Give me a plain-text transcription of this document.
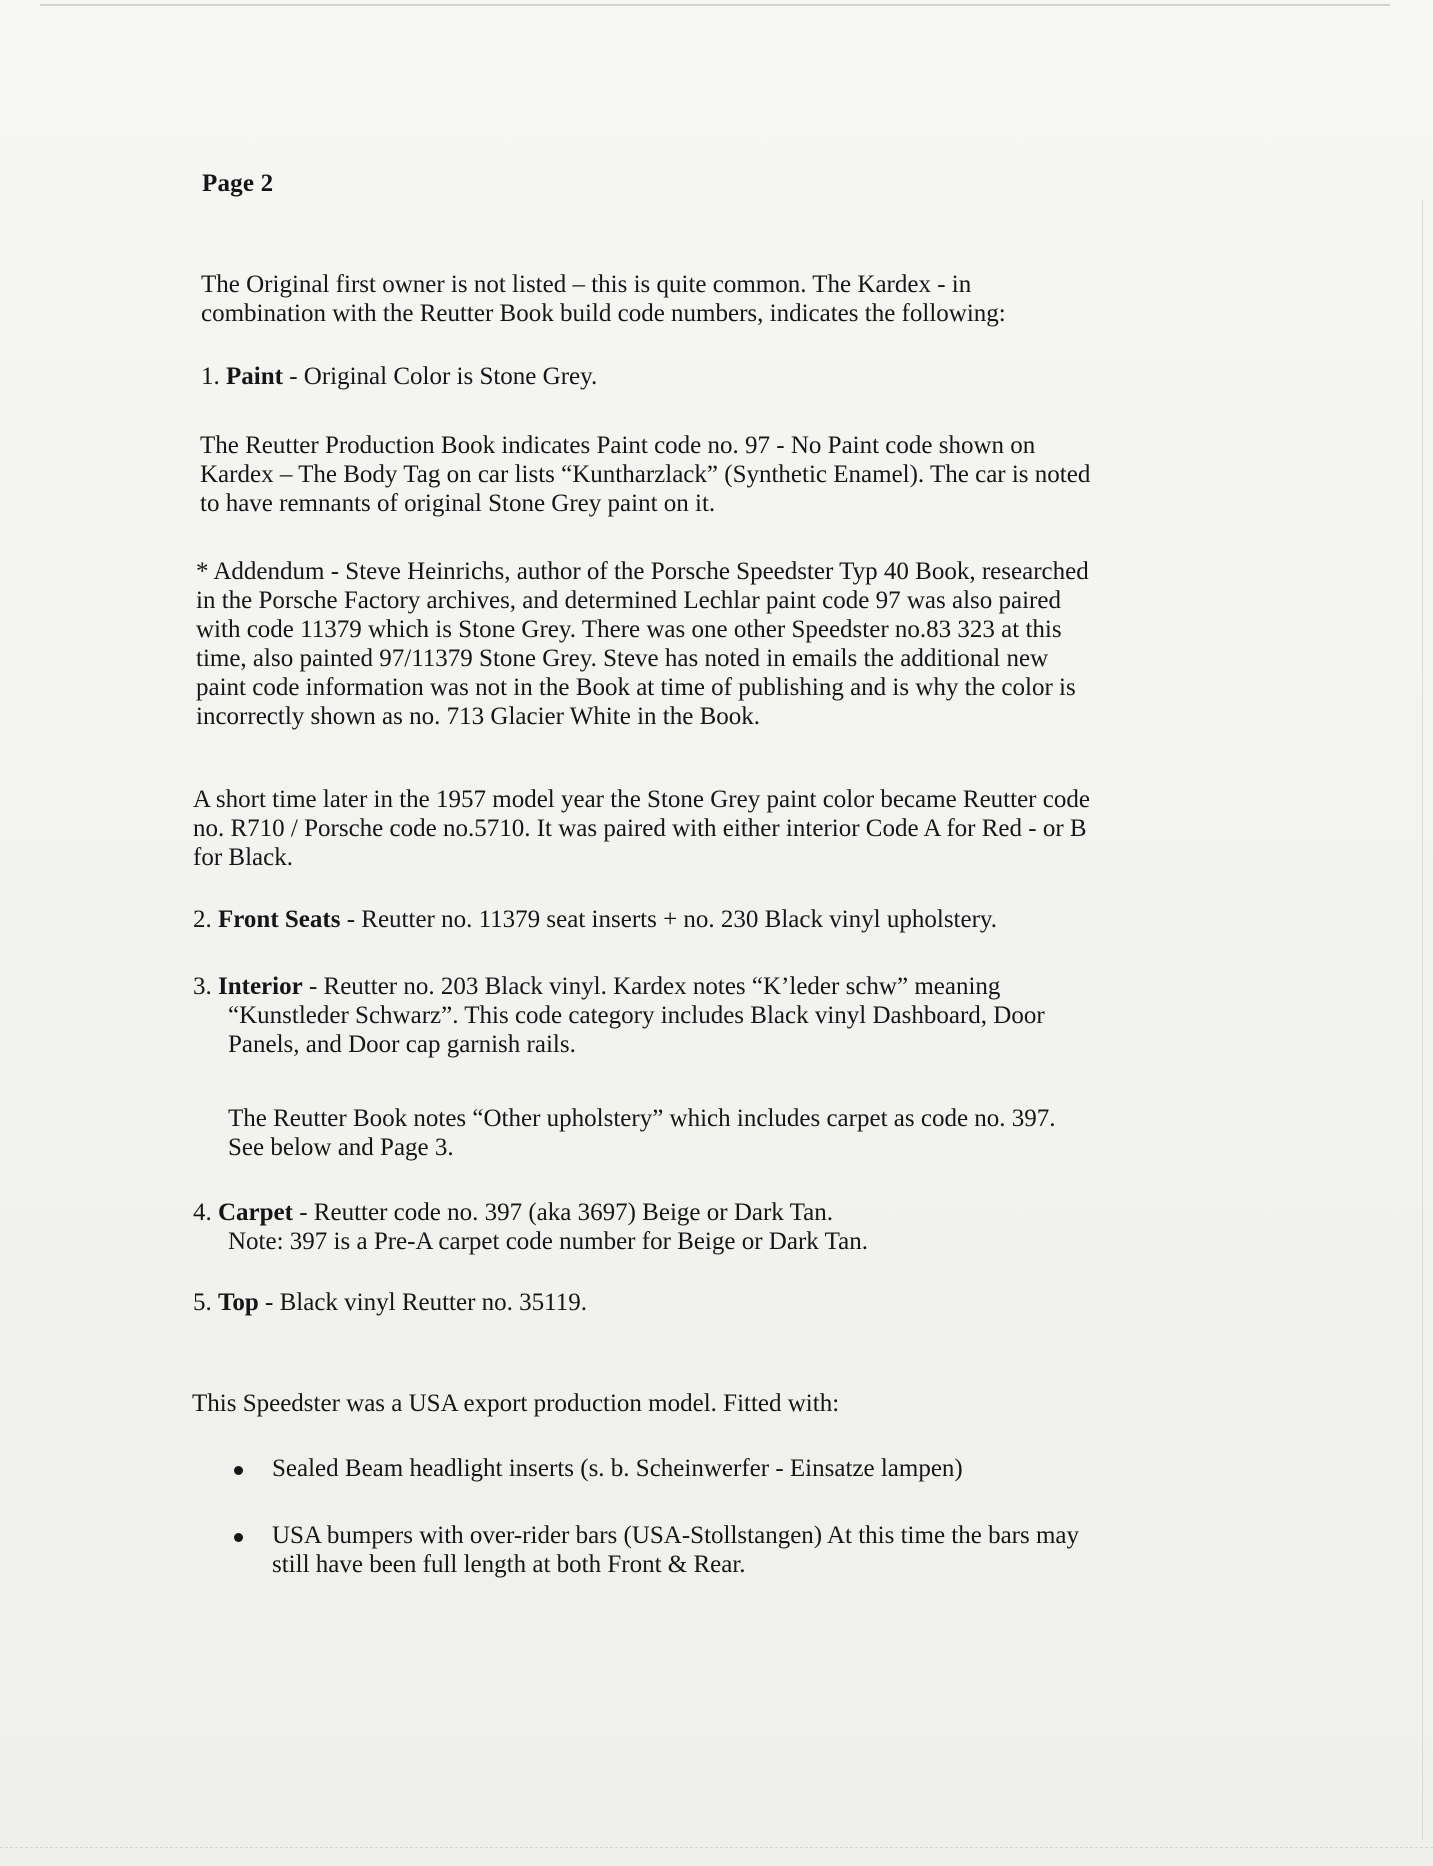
Page 2
The Original first owner is not listed – this is quite common. The Kardex - in
combination with the Reutter Book build code numbers, indicates the following:
1. Paint - Original Color is Stone Grey.
The Reutter Production Book indicates Paint code no. 97 - No Paint code shown on
Kardex – The Body Tag on car lists “Kuntharzlack” (Synthetic Enamel). The car is noted
to have remnants of original Stone Grey paint on it.
* Addendum - Steve Heinrichs, author of the Porsche Speedster Typ 40 Book, researched
in the Porsche Factory archives, and determined Lechlar paint code 97 was also paired
with code 11379 which is Stone Grey. There was one other Speedster no.83 323 at this
time, also painted 97/11379 Stone Grey. Steve has noted in emails the additional new
paint code information was not in the Book at time of publishing and is why the color is
incorrectly shown as no. 713 Glacier White in the Book.
A short time later in the 1957 model year the Stone Grey paint color became Reutter code
no. R710 / Porsche code no.5710. It was paired with either interior Code A for Red - or B
for Black.
2. Front Seats - Reutter no. 11379 seat inserts + no. 230 Black vinyl upholstery.
3. Interior - Reutter no. 203 Black vinyl. Kardex notes “K’leder schw” meaning
“Kunstleder Schwarz”. This code category includes Black vinyl Dashboard, Door
Panels, and Door cap garnish rails.
The Reutter Book notes “Other upholstery” which includes carpet as code no. 397.
See below and Page 3.
4. Carpet - Reutter code no. 397 (aka 3697) Beige or Dark Tan.
Note: 397 is a Pre-A carpet code number for Beige or Dark Tan.
5. Top - Black vinyl Reutter no. 35119.
This Speedster was a USA export production model. Fitted with:
Sealed Beam headlight inserts (s. b. Scheinwerfer - Einsatze lampen)
USA bumpers with over-rider bars (USA-Stollstangen) At this time the bars may
still have been full length at both Front & Rear.
